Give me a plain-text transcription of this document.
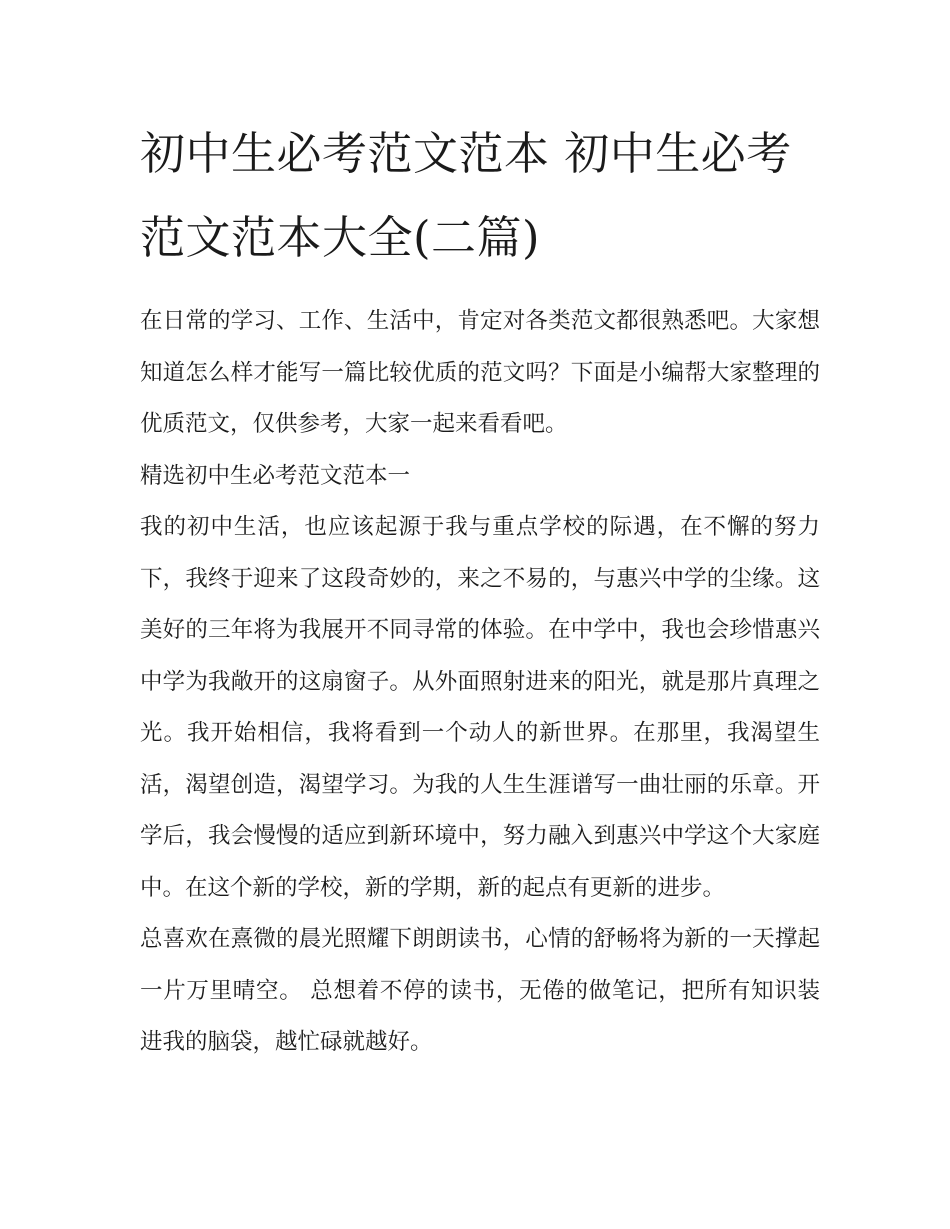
初中生必考范文范本 初中生必考范文范本大全(二篇)

在日常的学习、工作、生活中，肯定对各类范文都很熟悉吧。大家想知道怎么样才能写一篇比较优质的范文吗？下面是小编帮大家整理的优质范文，仅供参考，大家一起来看看吧。

精选初中生必考范文范本一

我的初中生活，也应该起源于我与重点学校的际遇，在不懈的努力下，我终于迎来了这段奇妙的，来之不易的，与惠兴中学的尘缘。这美好的三年将为我展开不同寻常的体验。在中学中，我也会珍惜惠兴中学为我敞开的这扇窗子。从外面照射进来的阳光，就是那片真理之光。我开始相信，我将看到一个动人的新世界。在那里，我渴望生活，渴望创造，渴望学习。为我的人生生涯谱写一曲壮丽的乐章。开学后，我会慢慢的适应到新环境中，努力融入到惠兴中学这个大家庭中。在这个新的学校，新的学期，新的起点有更新的进步。

总喜欢在熹微的晨光照耀下朗朗读书，心情的舒畅将为新的一天撑起一片万里晴空。 总想着不停的读书，无倦的做笔记，把所有知识装进我的脑袋，越忙碌就越好。
